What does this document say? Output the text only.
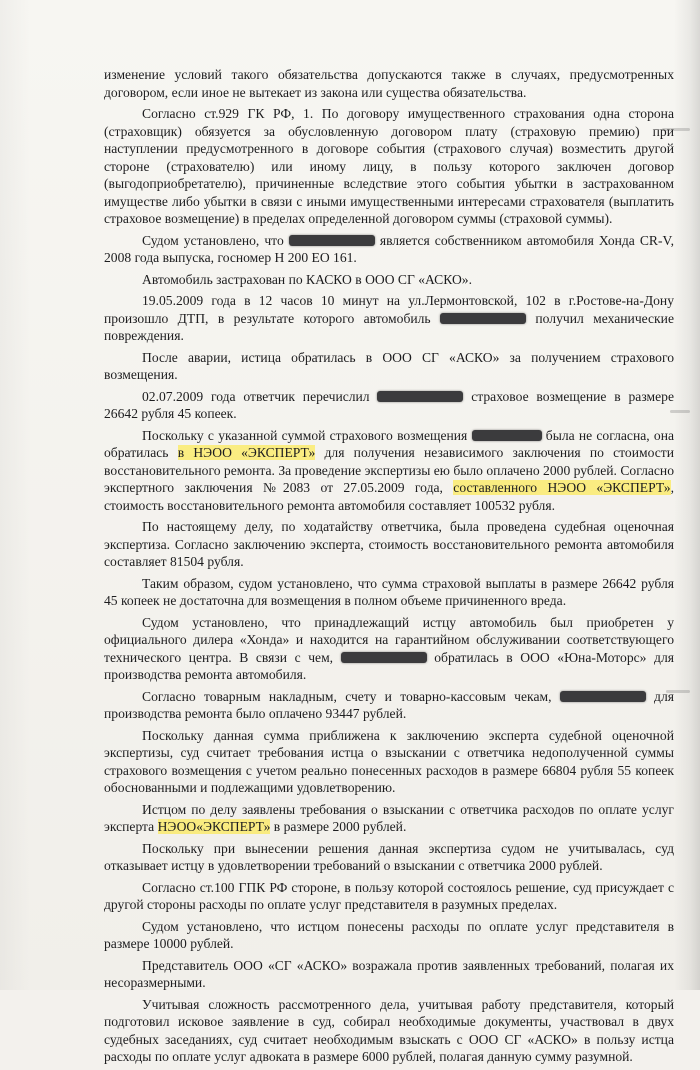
изменение условий такого обязательства допускаются также в случаях, предусмотренных договором, если иное не вытекает из закона или существа обязательства.

Согласно ст.929 ГК РФ, 1. По договору имущественного страхования одна сторона (страховщик) обязуется за обусловленную договором плату (страховую премию) при наступлении предусмотренного в договоре события (страхового случая) возместить другой стороне (страхователю) или иному лицу, в пользу которого заключен договор (выгодоприобретателю), причиненные вследствие этого события убытки в застрахованном имуществе либо убытки в связи с иными имущественными интересами страхователя (выплатить страховое возмещение) в пределах определенной договором суммы (страховой суммы).

Судом установлено, что	является собственником автомобиля Хонда CR-V, 2008 года выпуска, госномер Н 200 ЕО 161.

Автомобиль застрахован по КАСКО в ООО СГ «АСКО».

19.05.2009 года в 12 часов 10 минут на ул.Лермонтовской, 102 в г.Ростове-на-Дону произошло ДТП, в результате которого автомобиль	получил механические повреждения.

После аварии, истица обратилась в ООО СГ «АСКО» за получением страхового возмещения.

02.07.2009 года ответчик перечислил	страховое возмещение в размере 26642 рубля 45 копеек.

Поскольку с указанной суммой страхового возмещения	была не согласна, она обратилась в НЭОО «ЭКСПЕРТ» для получения независимого заключения по стоимости восстановительного ремонта. За проведение экспертизы ею было оплачено 2000 рублей. Согласно экспертного заключения №2083 от 27.05.2009 года, составленного НЭОО «ЭКСПЕРТ», стоимость восстановительного ремонта автомобиля составляет 100532 рубля.

По настоящему делу, по ходатайству ответчика, была проведена судебная оценочная экспертиза. Согласно заключению эксперта, стоимость восстановительного ремонта автомобиля составляет 81504 рубля.

Таким образом, судом установлено, что сумма страховой выплаты в размере 26642 рубля 45 копеек не достаточна для возмещения в полном объеме причиненного вреда.

Судом установлено, что принадлежащий истцу автомобиль был приобретен у официального дилера «Хонда» и находится на гарантийном обслуживании соответствующего технического центра. В связи с чем,	обратилась в ООО «Юна-Моторс» для производства ремонта автомобиля.

Согласно товарным накладным, счету и товарно-кассовым чекам,	для производства ремонта было оплачено 93447 рублей.

Поскольку данная сумма приближена к заключению эксперта судебной оценочной экспертизы, суд считает требования истца о взыскании с ответчика недополученной суммы страхового возмещения с учетом реально понесенных расходов в размере 66804 рубля 55 копеек обоснованными и подлежащими удовлетворению.

Истцом по делу заявлены требования о взыскании с ответчика расходов по оплате услуг эксперта НЭОО«ЭКСПЕРТ» в размере 2000 рублей.

Поскольку при вынесении решения данная экспертиза судом не учитывалась, суд отказывает истцу в удовлетворении требований о взыскании с ответчика 2000 рублей.

Согласно ст.100 ГПК РФ стороне, в пользу которой состоялось решение, суд присуждает с другой стороны расходы по оплате услуг представителя в разумных пределах.

Судом установлено, что истцом понесены расходы по оплате услуг представителя в размере 10000 рублей.

Представитель ООО «СГ «АСКО» возражала против заявленных требований, полагая их несоразмерными.

Учитывая сложность рассмотренного дела, учитывая работу представителя, который подготовил исковое заявление в суд, собирал необходимые документы, участвовал в двух судебных заседаниях, суд считает необходимым взыскать с ООО СГ «АСКО» в пользу истца расходы по оплате услуг адвоката в размере 6000 рублей, полагая данную сумму разумной.
